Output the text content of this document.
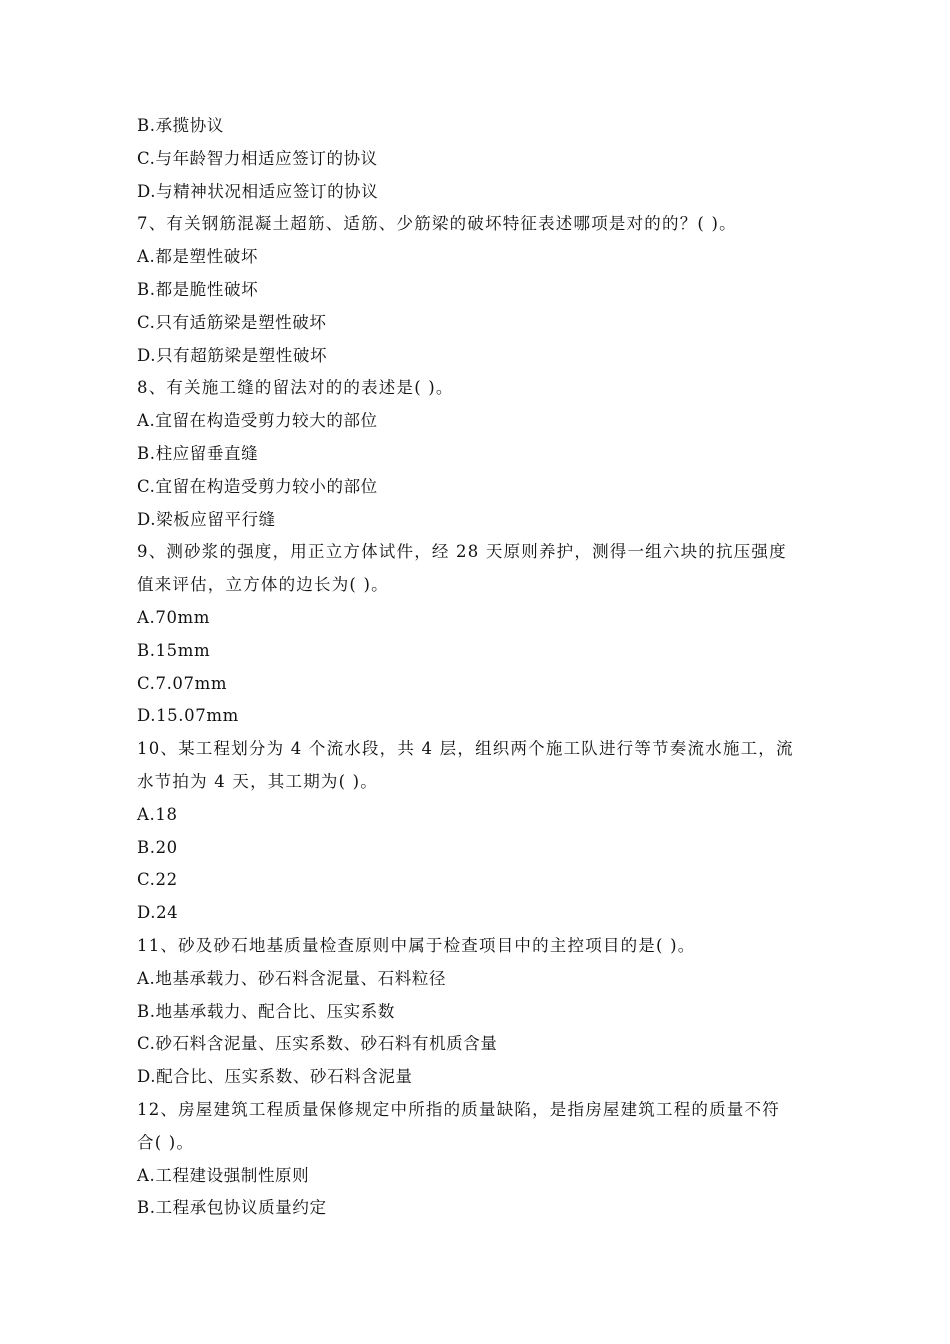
B.承揽协议
C.与年龄智力相适应签订的协议
D.与精神状况相适应签订的协议
7、有关钢筋混凝土超筋、适筋、少筋梁的破坏特征表述哪项是对的的？( )。
A.都是塑性破坏
B.都是脆性破坏
C.只有适筋梁是塑性破坏
D.只有超筋梁是塑性破坏
8、有关施工缝的留法对的的表述是( )。
A.宜留在构造受剪力较大的部位
B.柱应留垂直缝
C.宜留在构造受剪力较小的部位
D.梁板应留平行缝
9、测砂浆的强度，用正立方体试件，经 28 天原则养护，测得一组六块的抗压强度
值来评估，立方体的边长为( )。
A.70mm
B.15mm
C.7.07mm
D.15.07mm
10、某工程划分为 4 个流水段，共 4 层，组织两个施工队进行等节奏流水施工，流
水节拍为 4 天，其工期为( )。
A.18
B.20
C.22
D.24
11、砂及砂石地基质量检查原则中属于检查项目中的主控项目的是( )。
A.地基承载力、砂石料含泥量、石料粒径
B.地基承载力、配合比、压实系数
C.砂石料含泥量、压实系数、砂石料有机质含量
D.配合比、压实系数、砂石料含泥量
12、房屋建筑工程质量保修规定中所指的质量缺陷，是指房屋建筑工程的质量不符
合( )。
A.工程建设强制性原则
B.工程承包协议质量约定
